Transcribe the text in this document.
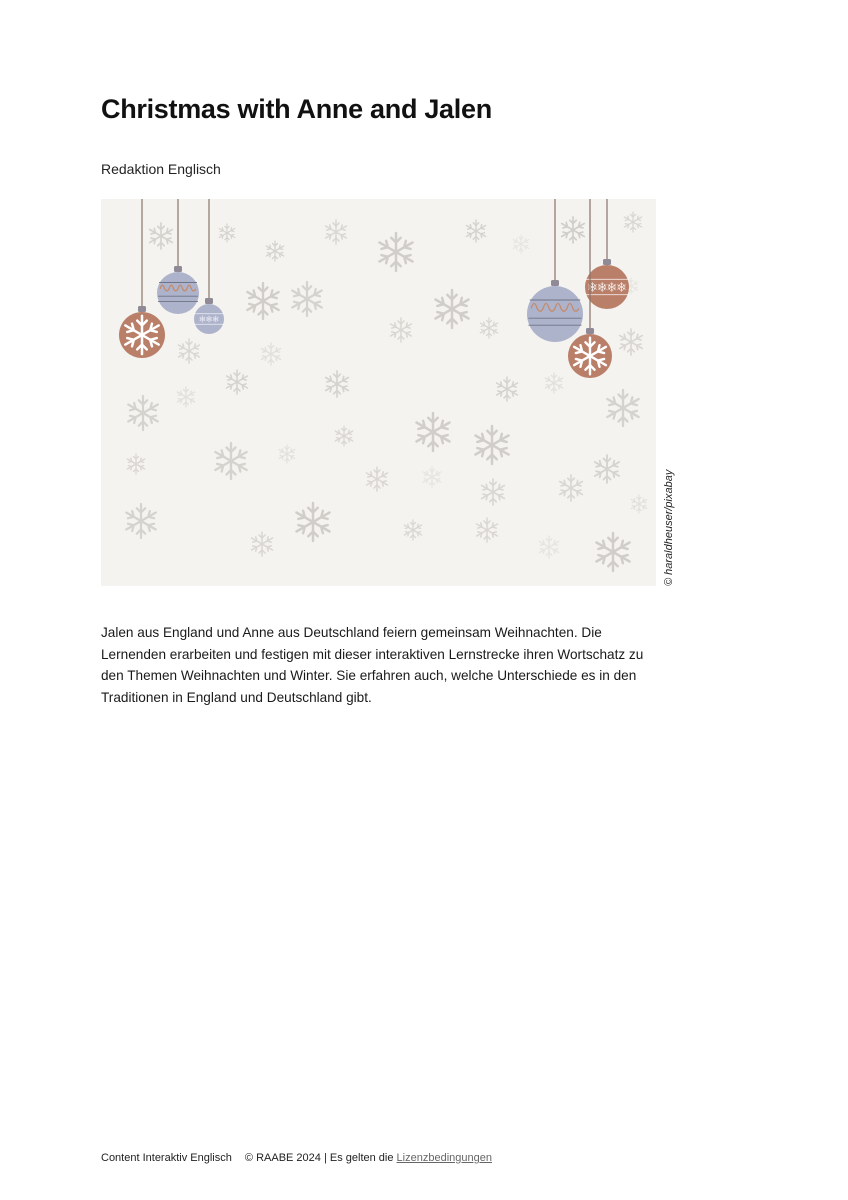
Christmas with Anne and Jalen
Redaktion Englisch
© haraldheuser/pixabay

Jalen aus England und Anne aus Deutschland feiern gemeinsam Weihnachten. Die Lernenden erarbeiten und festigen mit dieser interaktiven Lernstrecke ihren Wortschatz zu den Themen Weihnachten und Winter. Sie erfahren auch, welche Unterschiede es in den Traditionen in England und Deutschland gibt.

Content Interaktiv Englisch © RAABE 2024 | Es gelten die Lizenzbedingungen
